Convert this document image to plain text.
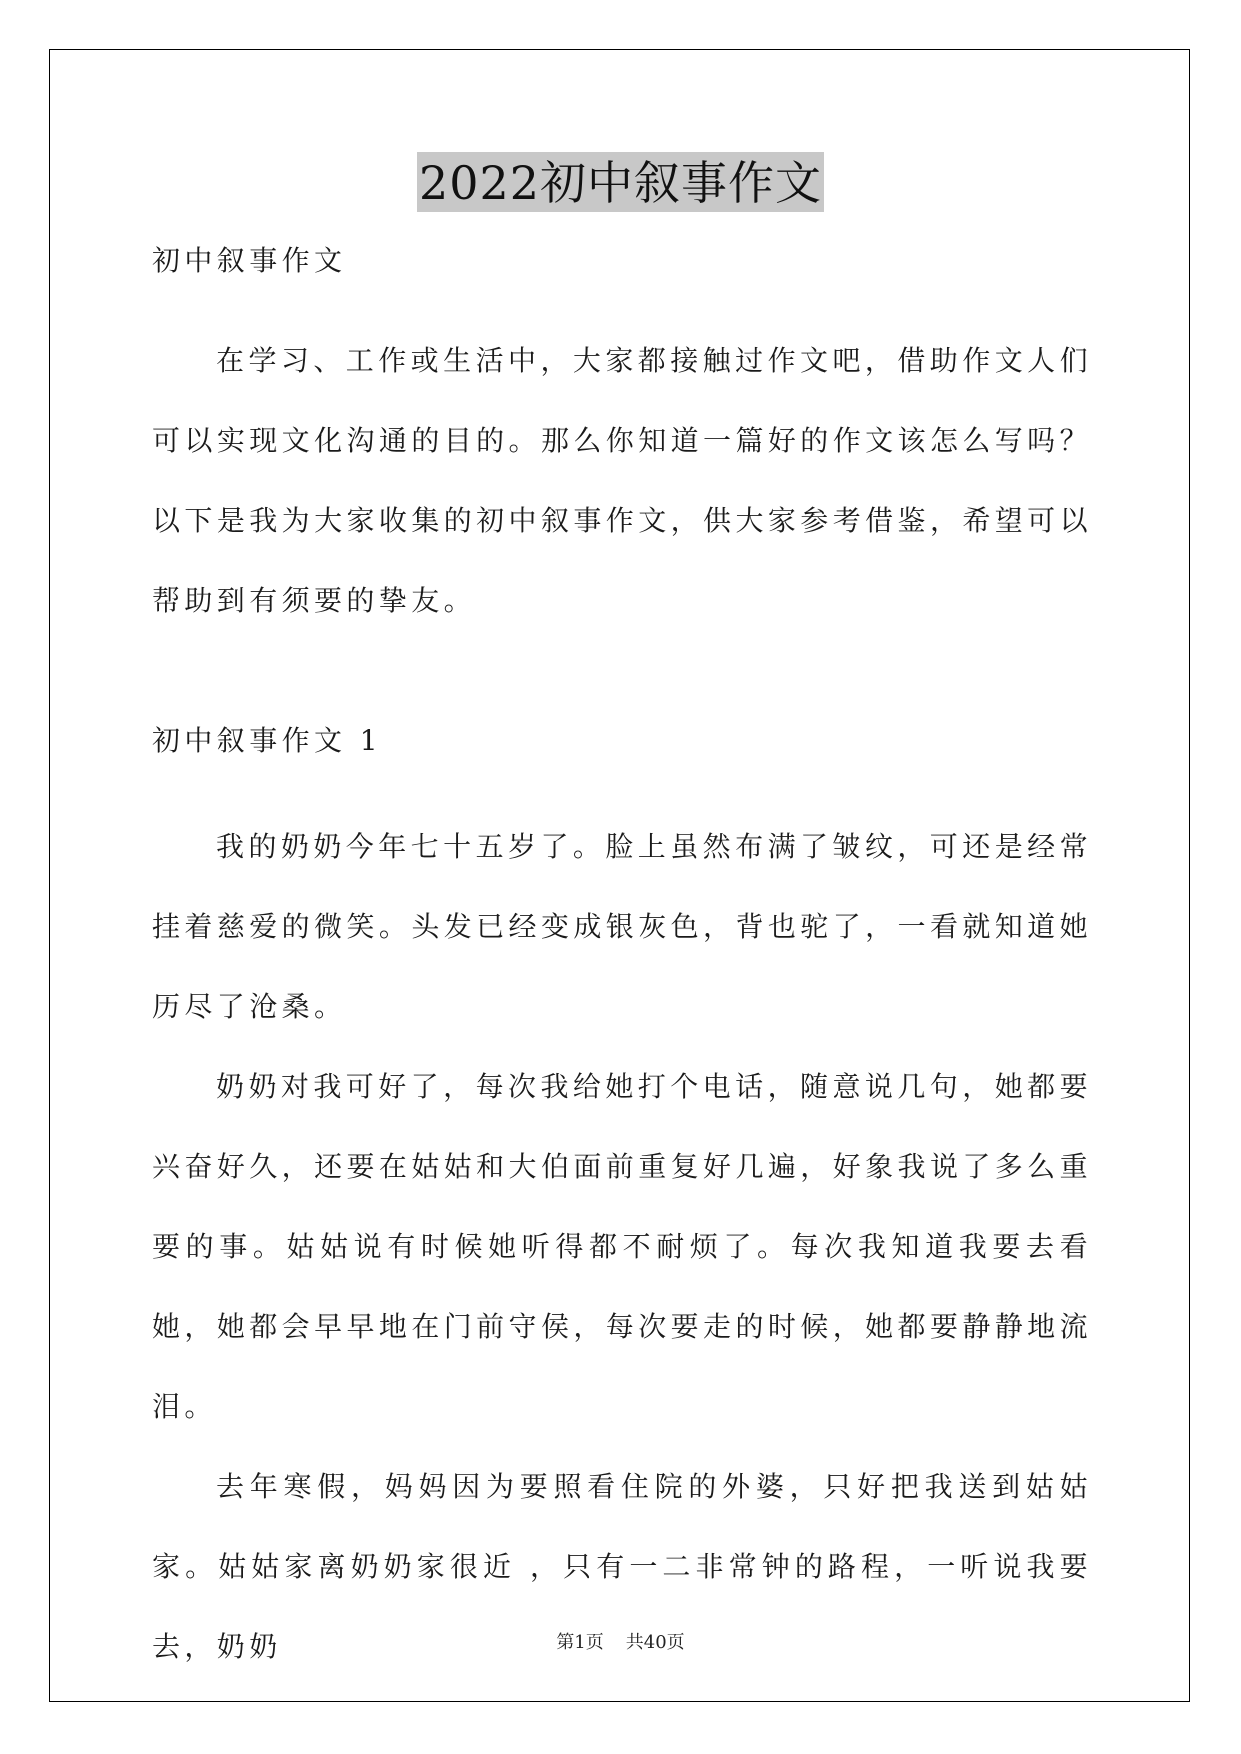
2022初中叙事作文

初中叙事作文

在学习、工作或生活中，大家都接触过作文吧，借助作文人们可以实现文化沟通的目的。那么你知道一篇好的作文该怎么写吗？以下是我为大家收集的初中叙事作文，供大家参考借鉴，希望可以帮助到有须要的挚友。

初中叙事作文 1

我的奶奶今年七十五岁了。脸上虽然布满了皱纹，可还是经常挂着慈爱的微笑。头发已经变成银灰色，背也驼了，一看就知道她历尽了沧桑。

奶奶对我可好了，每次我给她打个电话，随意说几句，她都要兴奋好久，还要在姑姑和大伯面前重复好几遍，好象我说了多么重要的事。姑姑说有时候她听得都不耐烦了。每次我知道我要去看她，她都会早早地在门前守侯，每次要走的时候，她都要静静地流泪。

去年寒假，妈妈因为要照看住院的外婆，只好把我送到姑姑家。姑姑家离奶奶家很近 ，只有一二非常钟的路程，一听说我要去，奶奶	第1页 共40页
